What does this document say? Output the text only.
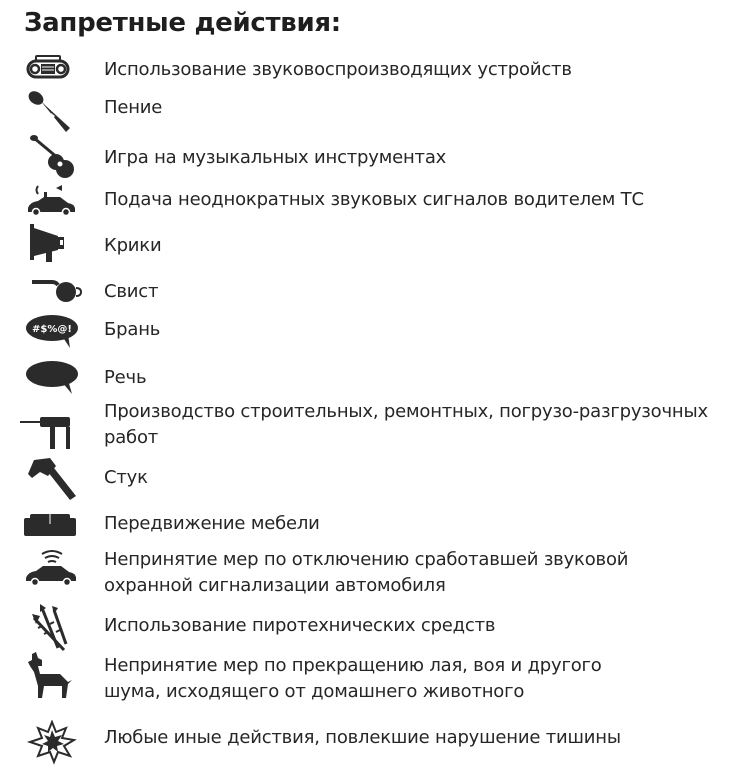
Запретные действия:
Использование звуковоспроизводящих устройств
Пение
Игра на музыкальных инструментах
Подача неоднократных звуковых сигналов водителем ТС
Крики
Свист
#$%@! Брань
Речь
Производство строительных, ремонтных, погрузо-разгрузочных
работ
Стук
Передвижение мебели
Непринятие мер по отключению сработавшей звуковой
охранной сигнализации автомобиля
Использование пиротехнических средств
Непринятие мер по прекращению лая, воя и другого
шума, исходящего от домашнего животного
Любые иные действия, повлекшие нарушение тишины
